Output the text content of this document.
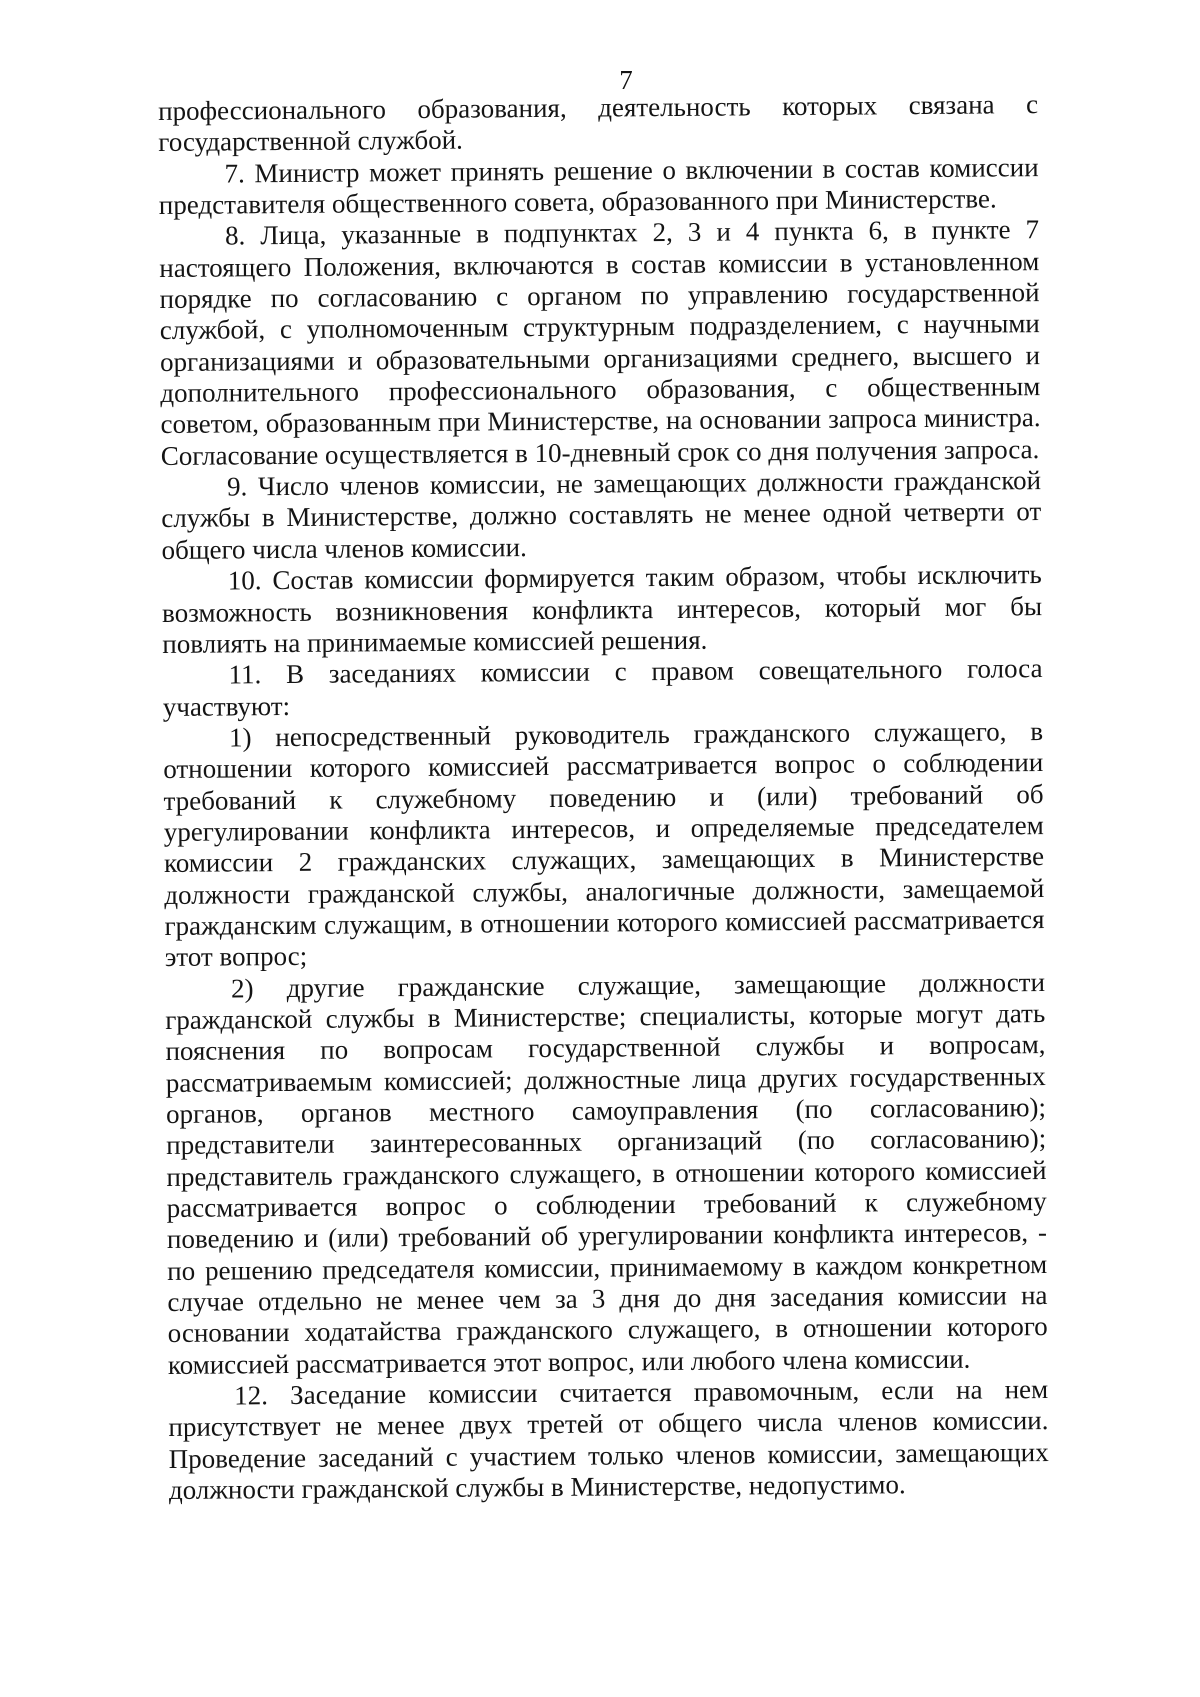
7

профессионального образования, деятельность которых связана с государственной службой.

7. Министр может принять решение о включении в состав комиссии представителя общественного совета, образованного при Министерстве.

8. Лица, указанные в подпунктах 2, 3 и 4 пункта 6, в пункте 7 настоящего Положения, включаются в состав комиссии в установленном порядке по согласованию с органом по управлению государственной службой, с уполномоченным структурным подразделением, с научными организациями и образовательными организациями среднего, высшего и дополнительного профессионального образования, с общественным советом, образованным при Министерстве, на основании запроса министра. Согласование осуществляется в 10-дневный срок со дня получения запроса.

9. Число членов комиссии, не замещающих должности гражданской службы в Министерстве, должно составлять не менее одной четверти от общего числа членов комиссии.

10. Состав комиссии формируется таким образом, чтобы исключить возможность возникновения конфликта интересов, который мог бы повлиять на принимаемые комиссией решения.

11. В заседаниях комиссии с правом совещательного голоса участвуют:

1) непосредственный руководитель гражданского служащего, в отношении которого комиссией рассматривается вопрос о соблюдении требований к служебному поведению и (или) требований об урегулировании конфликта интересов, и определяемые председателем комиссии 2 гражданских служащих, замещающих в Министерстве должности гражданской службы, аналогичные должности, замещаемой гражданским служащим, в отношении которого комиссией рассматривается этот вопрос;

2) другие гражданские служащие, замещающие должности гражданской службы в Министерстве; специалисты, которые могут дать пояснения по вопросам государственной службы и вопросам, рассматриваемым комиссией; должностные лица других государственных органов, органов местного самоуправления (по согласованию); представители заинтересованных организаций (по согласованию); представитель гражданского служащего, в отношении которого комиссией рассматривается вопрос о соблюдении требований к служебному поведению и (или) требований об урегулировании конфликта интересов, - по решению председателя комиссии, принимаемому в каждом конкретном случае отдельно не менее чем за 3 дня до дня заседания комиссии на основании ходатайства гражданского служащего, в отношении которого комиссией рассматривается этот вопрос, или любого члена комиссии.

12. Заседание комиссии считается правомочным, если на нем присутствует не менее двух третей от общего числа членов комиссии. Проведение заседаний с участием только членов комиссии, замещающих должности гражданской службы в Министерстве, недопустимо.
